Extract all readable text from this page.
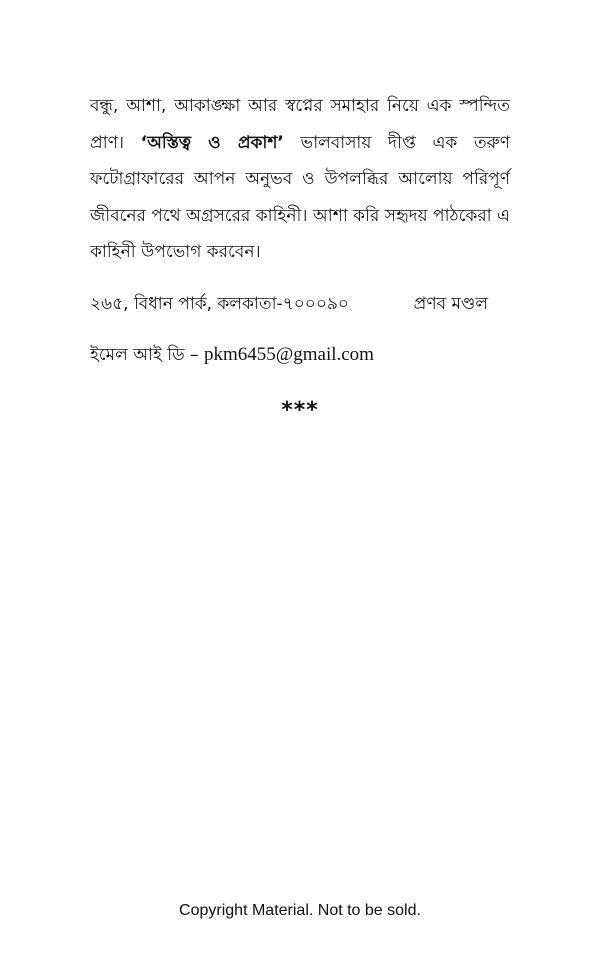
বন্ধু, আশা, আকাঙ্ক্ষা আর স্বপ্নের সমাহার নিয়ে এক স্পন্দিত প্রাণ। ‘অস্তিত্ব ও প্রকাশ’ ভালবাসায় দীপ্ত এক তরুণ ফটোগ্রাফারের আপন অনুভব ও উপলব্ধির আলোয় পরিপূর্ণ জীবনের পথে অগ্রসরের কাহিনী। আশা করি সহৃদয় পাঠকেরা এ কাহিনী উপভোগ করবেন।

২৬৫, বিধান পার্ক, কলকাতা-৭০০০৯০	প্রণব মণ্ডল
ইমেল আই ডি – pkm6455@gmail.com
***
Copyright Material. Not to be sold.
